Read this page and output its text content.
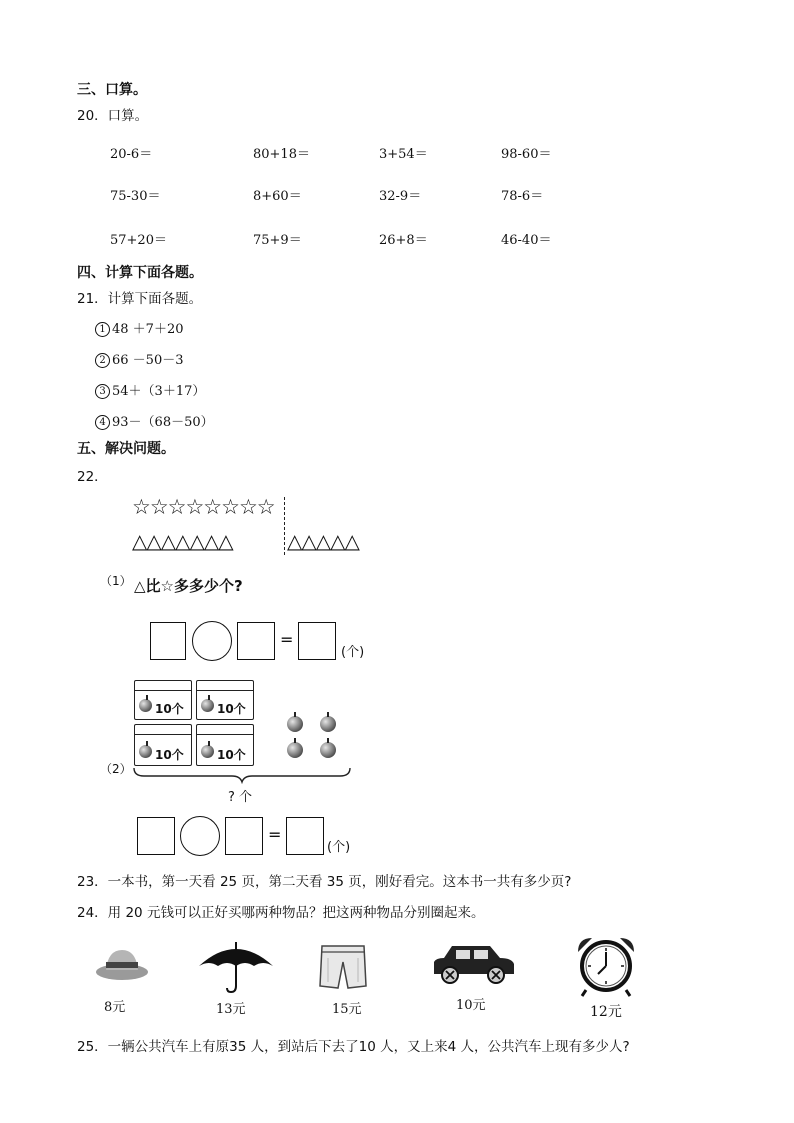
三、口算。
20．口算。
20-6＝	80+18＝	3+54＝	98-60＝
75-30＝	8+60＝	32-9＝	78-6＝
57+20＝	75+9＝	26+8＝	46-40＝
四、计算下面各题。
21．计算下面各题。
1 48 ＋7＋20
2 66 －50－3
3 54＋（3＋17）
4 93－（68－50）
五、解决问题。
22．
☆☆☆☆☆☆☆☆
△△△△△△△	△△△△△
（1） △比☆多多少个?
=
(个)
（2）
10个	10个
10个	10个
? 个
=
(个)
23．一本书，第一天看 25 页，第二天看 35 页，刚好看完。这本书一共有多少页?
24．用 20 元钱可以正好买哪两种物品？把这两种物品分别圈起来。
8元	13元	15元	10元	12元
25．一辆公共汽车上有原35 人，到站后下去了10 人，又上来4 人，公共汽车上现有多少人?
